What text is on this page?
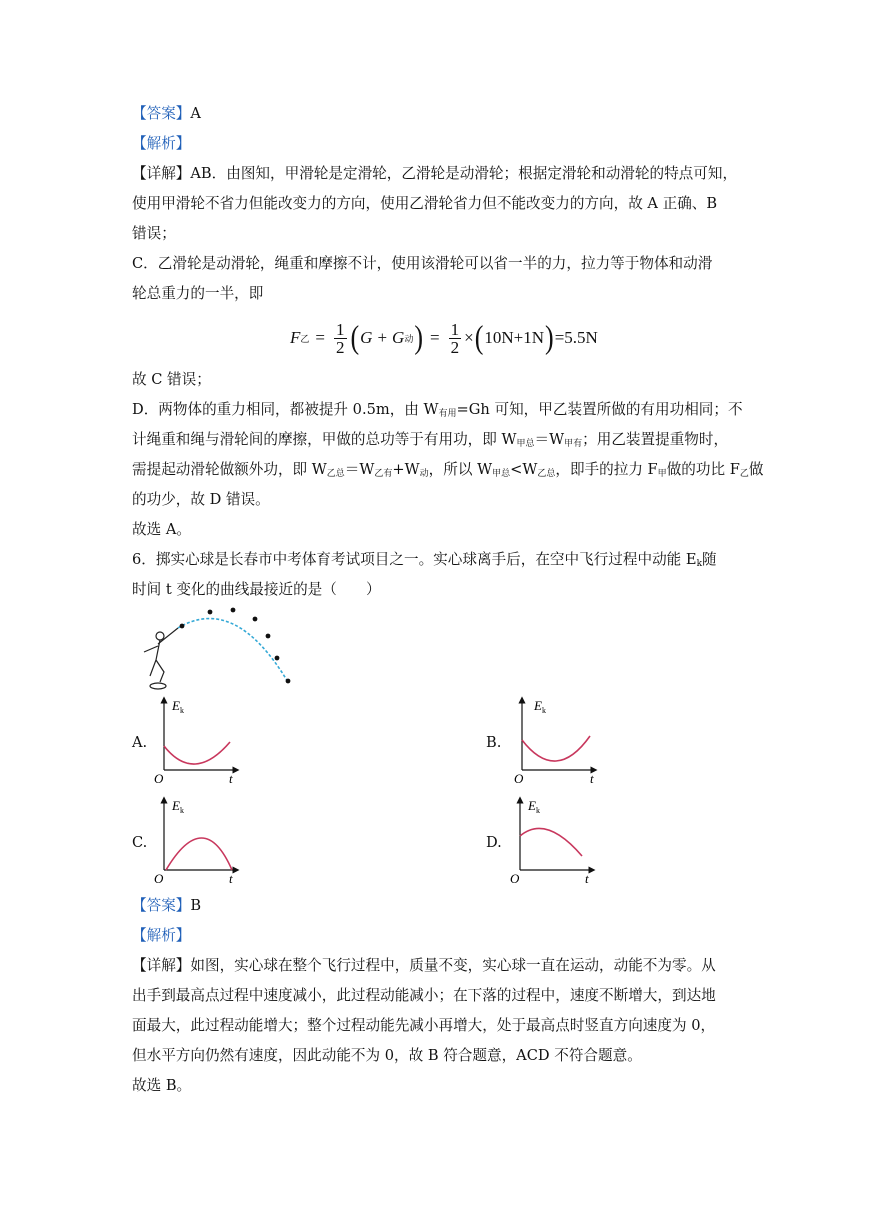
【答案】A
【解析】
【详解】AB．由图知，甲滑轮是定滑轮，乙滑轮是动滑轮；根据定滑轮和动滑轮的特点可知，
使用甲滑轮不省力但能改变力的方向，使用乙滑轮省力但不能改变力的方向，故 A 正确、B
错误；
C．乙滑轮是动滑轮，绳重和摩擦不计，使用该滑轮可以省一半的力，拉力等于物体和动滑
轮总重力的一半，即
F 乙 = $\frac{1}{2}$ ( G + G 动 ) = $\frac{1}{2}$ × ( 10N+1N ) =5.5N
故 C 错误；
D．两物体的重力相同，都被提升 0.5m，由 $W_{有用}=Gh$ 可知，甲乙装置所做的有用功相同；不
计绳重和绳与滑轮间的摩擦，甲做的总功等于有用功，即 $W_{甲总}=W_{甲有}$；用乙装置提重物时，
需提起动滑轮做额外功，即 $W_{乙总}=W_{乙有}+W_动$，所以 $W_{甲总}<W_{乙总}$，即手的拉力 $F_甲$做的功比 $F_乙$做
的功少，故 D 错误。
故选 A。
6．掷实心球是长春市中考体育考试项目之一。实心球离手后，在空中飞行过程中动能 $E_k$随
时间 t 变化的曲线最接近的是（　　）
A.
E k
O	t
B.
E k
O	t
C.
E k
O	t
D.
E k
O	t
【答案】B
【解析】
【详解】如图，实心球在整个飞行过程中，质量不变，实心球一直在运动，动能不为零。从
出手到最高点过程中速度减小，此过程动能减小；在下落的过程中，速度不断增大，到达地
面最大，此过程动能增大；整个过程动能先减小再增大，处于最高点时竖直方向速度为 0，
但水平方向仍然有速度，因此动能不为 0，故 B 符合题意，ACD 不符合题意。
故选 B。
